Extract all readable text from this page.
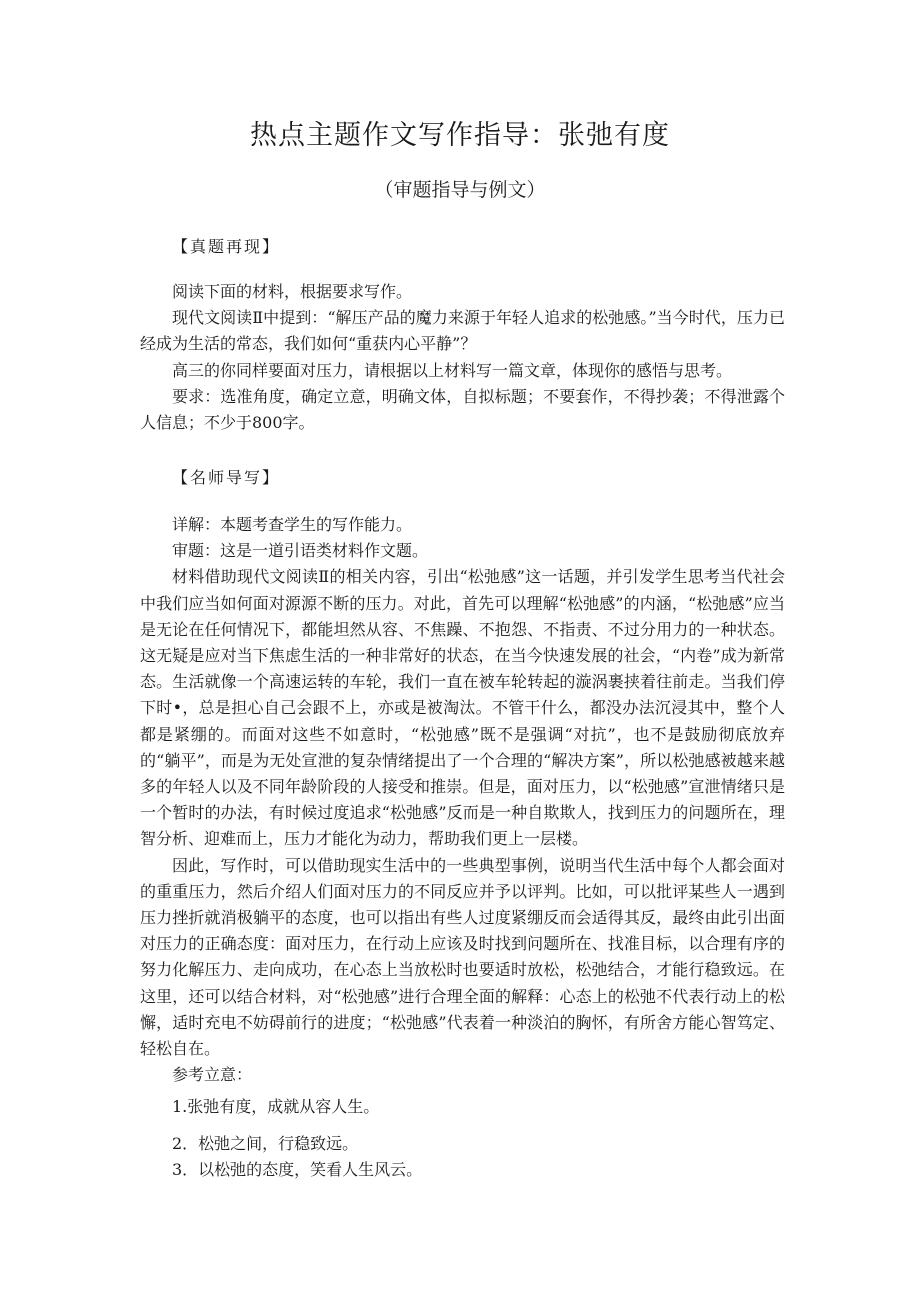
热点主题作文写作指导：张弛有度
（审题指导与例文）
【真题再现】

阅读下面的材料，根据要求写作。

现代文阅读Ⅱ中提到：“解压产品的魔力来源于年轻人追求的松弛感。”当今时代，压力已经成为生活的常态，我们如何“重获内心平静”？

高三的你同样要面对压力，请根据以上材料写一篇文章，体现你的感悟与思考。

要求：选准角度，确定立意，明确文体，自拟标题；不要套作，不得抄袭；不得泄露个人信息；不少于800字。

【名师导写】

详解：本题考查学生的写作能力。

审题：这是一道引语类材料作文题。

材料借助现代文阅读Ⅱ的相关内容，引出“松弛感”这一话题，并引发学生思考当代社会中我们应当如何面对源源不断的压力。对此，首先可以理解“松弛感”的内涵，“松弛感”应当是无论在任何情况下，都能坦然从容、不焦躁、不抱怨、不指责、不过分用力的一种状态。这无疑是应对当下焦虑生活的一种非常好的状态，在当今快速发展的社会，“内卷”成为新常态。生活就像一个高速运转的车轮，我们一直在被车轮转起的漩涡裹挟着往前走。当我们停下时•，总是担心自己会跟不上，亦或是被淘汰。不管干什么，都没办法沉浸其中，整个人都是紧绷的。而面对这些不如意时，“松弛感”既不是强调“对抗”，也不是鼓励彻底放弃的“躺平”，而是为无处宣泄的复杂情绪提出了一个合理的“解决方案”，所以松弛感被越来越多的年轻人以及不同年龄阶段的人接受和推崇。但是，面对压力，以“松弛感”宣泄情绪只是一个暂时的办法，有时候过度追求“松弛感”反而是一种自欺欺人，找到压力的问题所在，理智分析、迎难而上，压力才能化为动力，帮助我们更上一层楼。

因此，写作时，可以借助现实生活中的一些典型事例，说明当代生活中每个人都会面对的重重压力，然后介绍人们面对压力的不同反应并予以评判。比如，可以批评某些人一遇到压力挫折就消极躺平的态度，也可以指出有些人过度紧绷反而会适得其反，最终由此引出面对压力的正确态度：面对压力，在行动上应该及时找到问题所在、找准目标，以合理有序的努力化解压力、走向成功，在心态上当放松时也要适时放松，松弛结合，才能行稳致远。在这里，还可以结合材料，对“松弛感”进行合理全面的解释：心态上的松弛不代表行动上的松懈，适时充电不妨碍前行的进度；“松弛感”代表着一种淡泊的胸怀，有所舍方能心智笃定、轻松自在。

参考立意：

1.张弛有度，成就从容人生。
2．松弛之间，行稳致远。
3．以松弛的态度，笑看人生风云。
